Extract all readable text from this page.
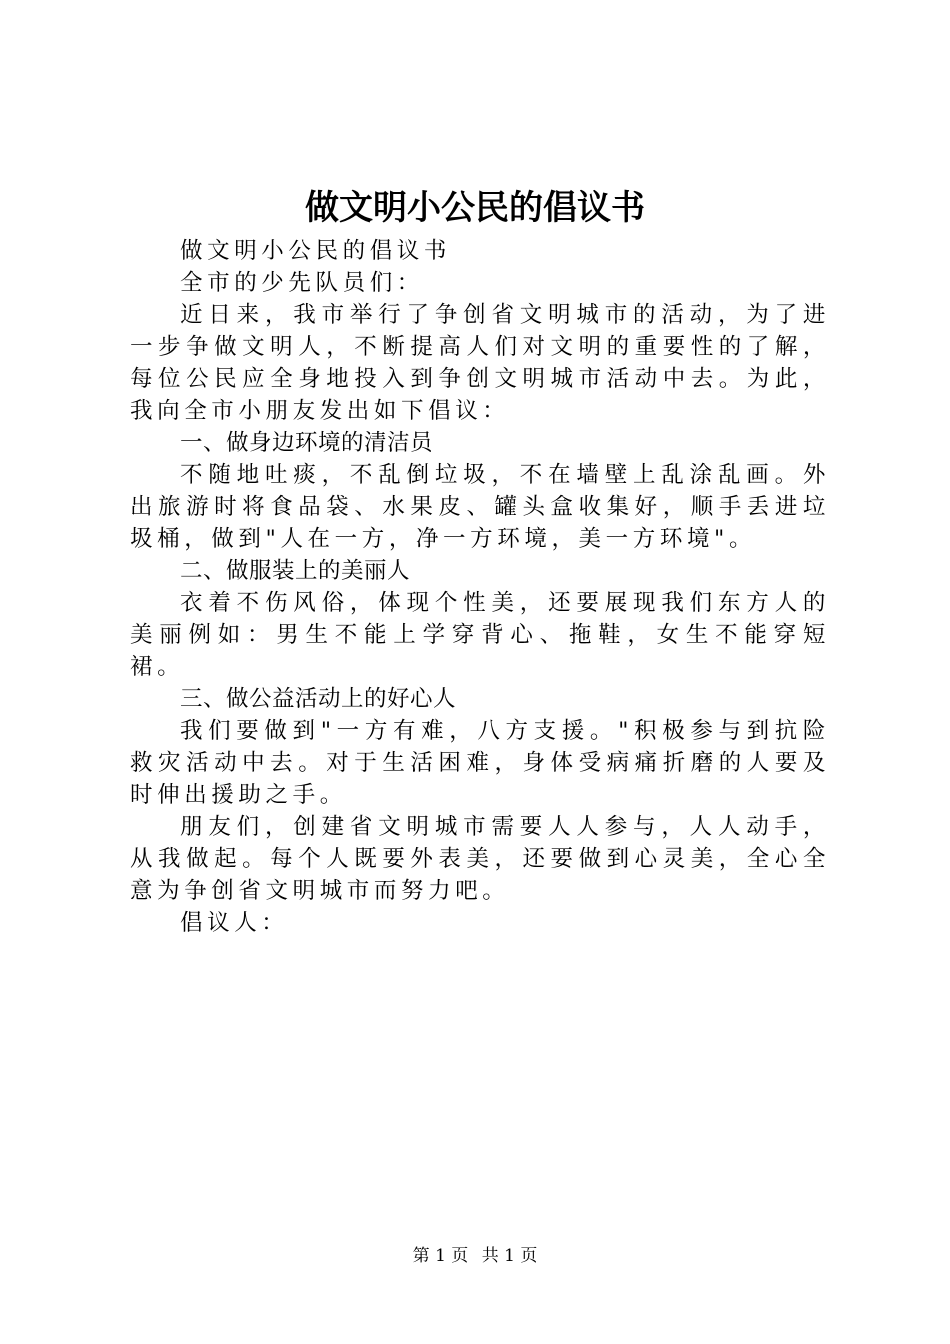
做文明小公民的倡议书

做文明小公民的倡议书

全市的少先队员们：

近日来，我市举行了争创省文明城市的活动，为了进一步争做文明人，不断提高人们对文明的重要性的了解，每位公民应全身地投入到争创文明城市活动中去。为此，我向全市小朋友发出如下倡议：

一、做身边环境的清洁员

不随地吐痰，不乱倒垃圾，不在墙壁上乱涂乱画。外出旅游时将食品袋、水果皮、罐头盒收集好，顺手丢进垃圾桶，做到"人在一方，净一方环境，美一方环境"。

二、做服装上的美丽人

衣着不伤风俗，体现个性美，还要展现我们东方人的美丽例如：男生不能上学穿背心、拖鞋，女生不能穿短裙。

三、做公益活动上的好心人

我们要做到"一方有难，八方支援。"积极参与到抗险救灾活动中去。对于生活困难，身体受病痛折磨的人要及时伸出援助之手。

朋友们，创建省文明城市需要人人参与，人人动手，从我做起。每个人既要外表美，还要做到心灵美，全心全意为争创省文明城市而努力吧。

倡议人：

第 1 页 共 1 页
